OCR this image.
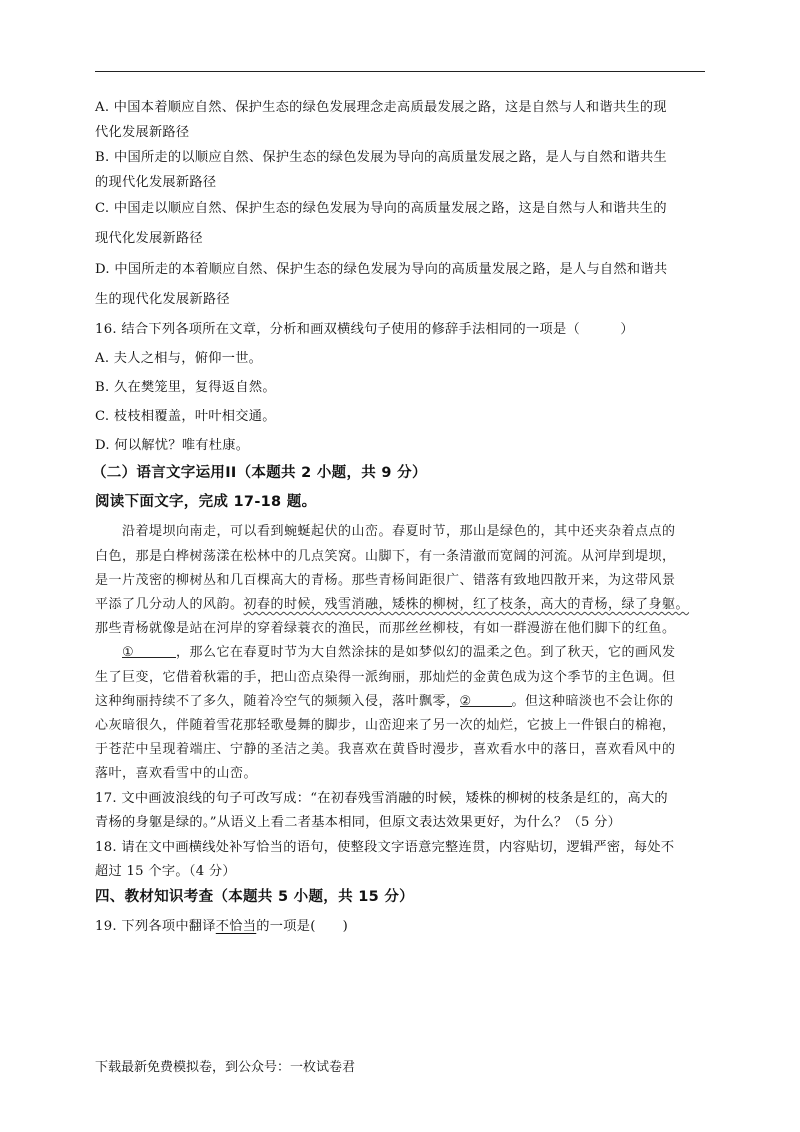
A. 中国本着顺应自然、保护生态的绿色发展理念走高质最发展之路，这是自然与人和谐共生的现
代化发展新路径
B. 中国所走的以顺应自然、保护生态的绿色发展为导向的高质量发展之路，是人与自然和谐共生
的现代化发展新路径
C. 中国走以顺应自然、保护生态的绿色发展为导向的高质量发展之路，这是自然与人和谐共生的
现代化发展新路径
D. 中国所走的本着顺应自然、保护生态的绿色发展为导向的高质量发展之路，是人与自然和谐共
生的现代化发展新路径
16. 结合下列各项所在文章，分析和画双横线句子使用的修辞手法相同的一项是（　　　）
A. 夫人之相与，俯仰一世。
B. 久在樊笼里，复得返自然。
C. 枝枝相覆盖，叶叶相交通。
D. 何以解忧？唯有杜康。
（二）语言文字运用II（本题共 2 小题，共 9 分）
阅读下面文字，完成 17-18 题。
沿着堤坝向南走，可以看到蜿蜒起伏的山峦。春夏时节，那山是绿色的，其中还夹杂着点点的
白色，那是白桦树荡漾在松林中的几点笑窝。山脚下，有一条清澈而宽阔的河流。从河岸到堤坝，
是一片茂密的柳树丛和几百棵高大的青杨。那些青杨间距很广、错落有致地四散开来，为这带风景
平添了几分动人的风韵。初春的时候，残雪消融，矮株的柳树，红了枝条，高大的青杨，绿了身躯。
那些青杨就像是站在河岸的穿着绿蓑衣的渔民，而那丝丝柳枝，有如一群漫游在他们脚下的红鱼。
①	，那么它在春夏时节为大自然涂抹的是如梦似幻的温柔之色。到了秋天，它的画风发
生了巨变，它借着秋霜的手，把山峦点染得一派绚丽，那灿烂的金黄色成为这个季节的主色调。但
这种绚丽持续不了多久，随着冷空气的频频入侵，落叶飘零，②	。但这种暗淡也不会让你的
心灰暗很久，伴随着雪花那轻歌曼舞的脚步，山峦迎来了另一次的灿烂，它披上一件银白的棉袍，
于苍茫中呈现着端庄、宁静的圣洁之美。我喜欢在黄昏时漫步，喜欢看水中的落日，喜欢看风中的
落叶，喜欢看雪中的山峦。
17. 文中画波浪线的句子可改写成：“在初春残雪消融的时候，矮株的柳树的枝条是红的，高大的
青杨的身躯是绿的。”从语义上看二者基本相同，但原文表达效果更好，为什么？（5 分）
18. 请在文中画横线处补写恰当的语句，使整段文字语意完整连贯，内容贴切，逻辑严密，每处不
超过 15 个字。（4 分）
四、教材知识考查（本题共 5 小题，共 15 分）
19. 下列各项中翻译不恰当的一项是(　　)
下载最新免费模拟卷，到公众号：一枚试卷君
